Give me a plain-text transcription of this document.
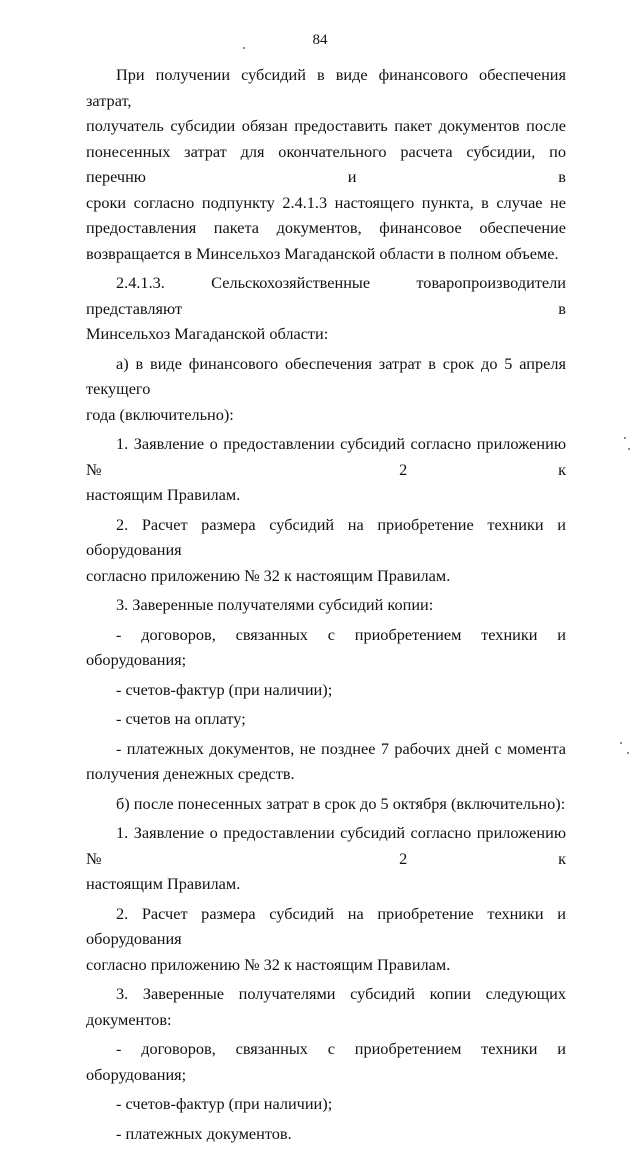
84
При получении субсидий в виде финансового обеспечения затрат,
получатель субсидии обязан предоставить пакет документов после
понесенных затрат для окончательного расчета субсидии, по перечню и в
сроки согласно подпункту 2.4.1.3 настоящего пункта, в случае не
предоставления пакета документов, финансовое обеспечение
возвращается в Минсельхоз Магаданской области в полном объеме.
2.4.1.3. Сельскохозяйственные товаропроизводители представляют в
Минсельхоз Магаданской области:
а) в виде финансового обеспечения затрат в срок до 5 апреля текущего
года (включительно):
1. Заявление о предоставлении субсидий согласно приложению № 2 к
настоящим Правилам.
2. Расчет размера субсидий на приобретение техники и оборудования
согласно приложению № 32 к настоящим Правилам.
3. Заверенные получателями субсидий копии:
- договоров, связанных с приобретением техники и оборудования;
- счетов-фактур (при наличии);
- счетов на оплату;
- платежных документов, не позднее 7 рабочих дней с момента
получения денежных средств.
б) после понесенных затрат в срок до 5 октября (включительно):
1. Заявление о предоставлении субсидий согласно приложению № 2 к
настоящим Правилам.
2. Расчет размера субсидий на приобретение техники и оборудования
согласно приложению № 32 к настоящим Правилам.
3. Заверенные получателями субсидий копии следующих документов:
- договоров, связанных с приобретением техники и оборудования;
- счетов-фактур (при наличии);
- платежных документов.
